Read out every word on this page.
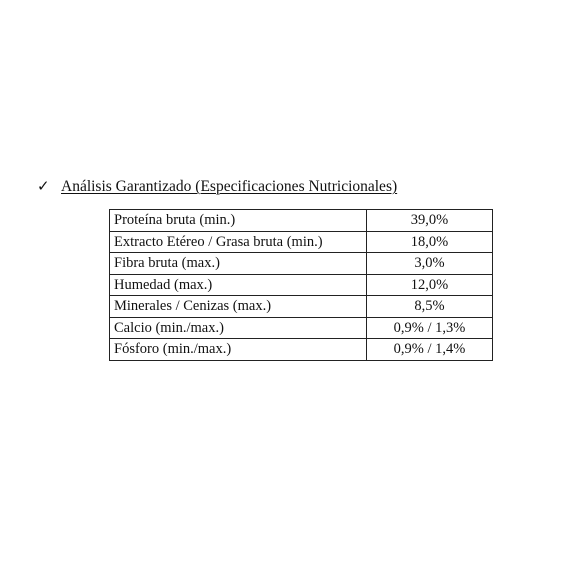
✓ Análisis Garantizado (Especificaciones Nutricionales)
Proteína bruta (min.)	39,0%
Extracto Etéreo / Grasa bruta (min.)	18,0%
Fibra bruta (max.)	3,0%
Humedad (max.)	12,0%
Minerales / Cenizas (max.)	8,5%
Calcio (min./max.)	0,9% / 1,3%
Fósforo (min./max.)	0,9% / 1,4%
